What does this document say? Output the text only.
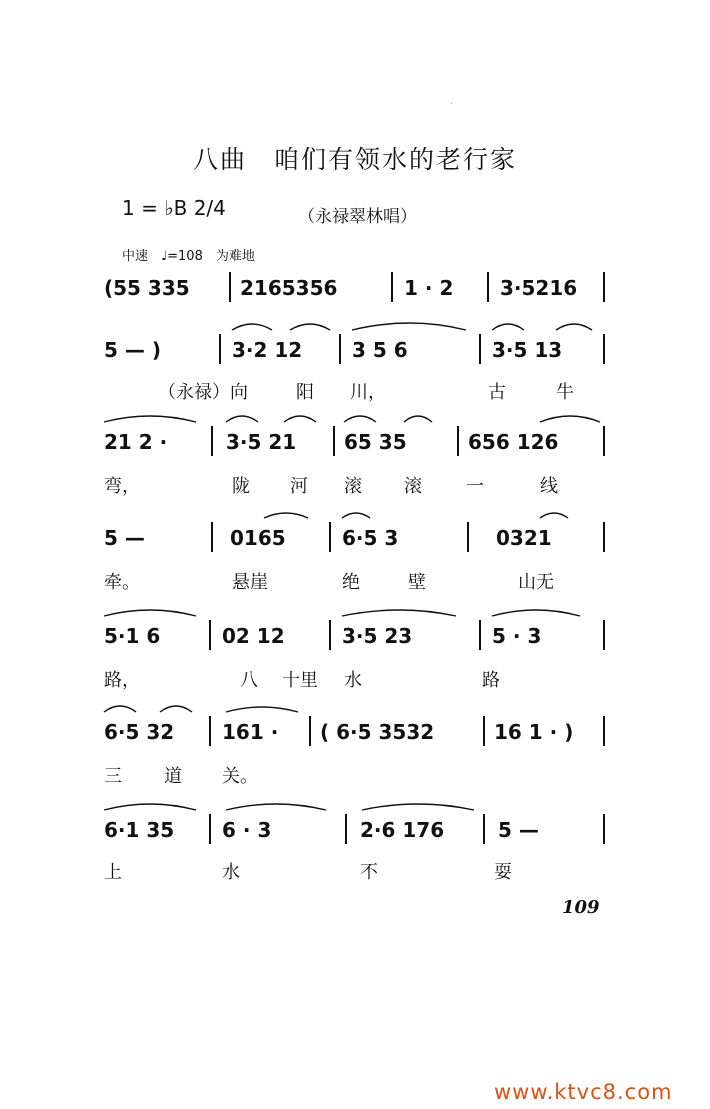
.
八曲　咱们有领水的老行家
1 = ♭B 2/4	（永禄翠林唱）
中速　♩=108　为难地
(55 335	2165356	1 · 2 3·5216
5 — )	3·2 12 3 5 6	3·5 13
（永禄）向	阳 川，	古	牛
21 2 ·	3·5 21 65 35	656 126
弯，	陇 河 滚 滚 一	线
5 —	0165	6·5 3	0321
牵。	悬崖	绝	壁	山无
5·1 6	02 12	3·5 23	5 · 3
路，	八 十里 水	路
6·5 32 161 · ( 6·5 3532	16 1 · )
三 道 关。
6·1 35 6 · 3	2·6 176	5 —
上	水	不	耍
109
www.ktvc8.com
